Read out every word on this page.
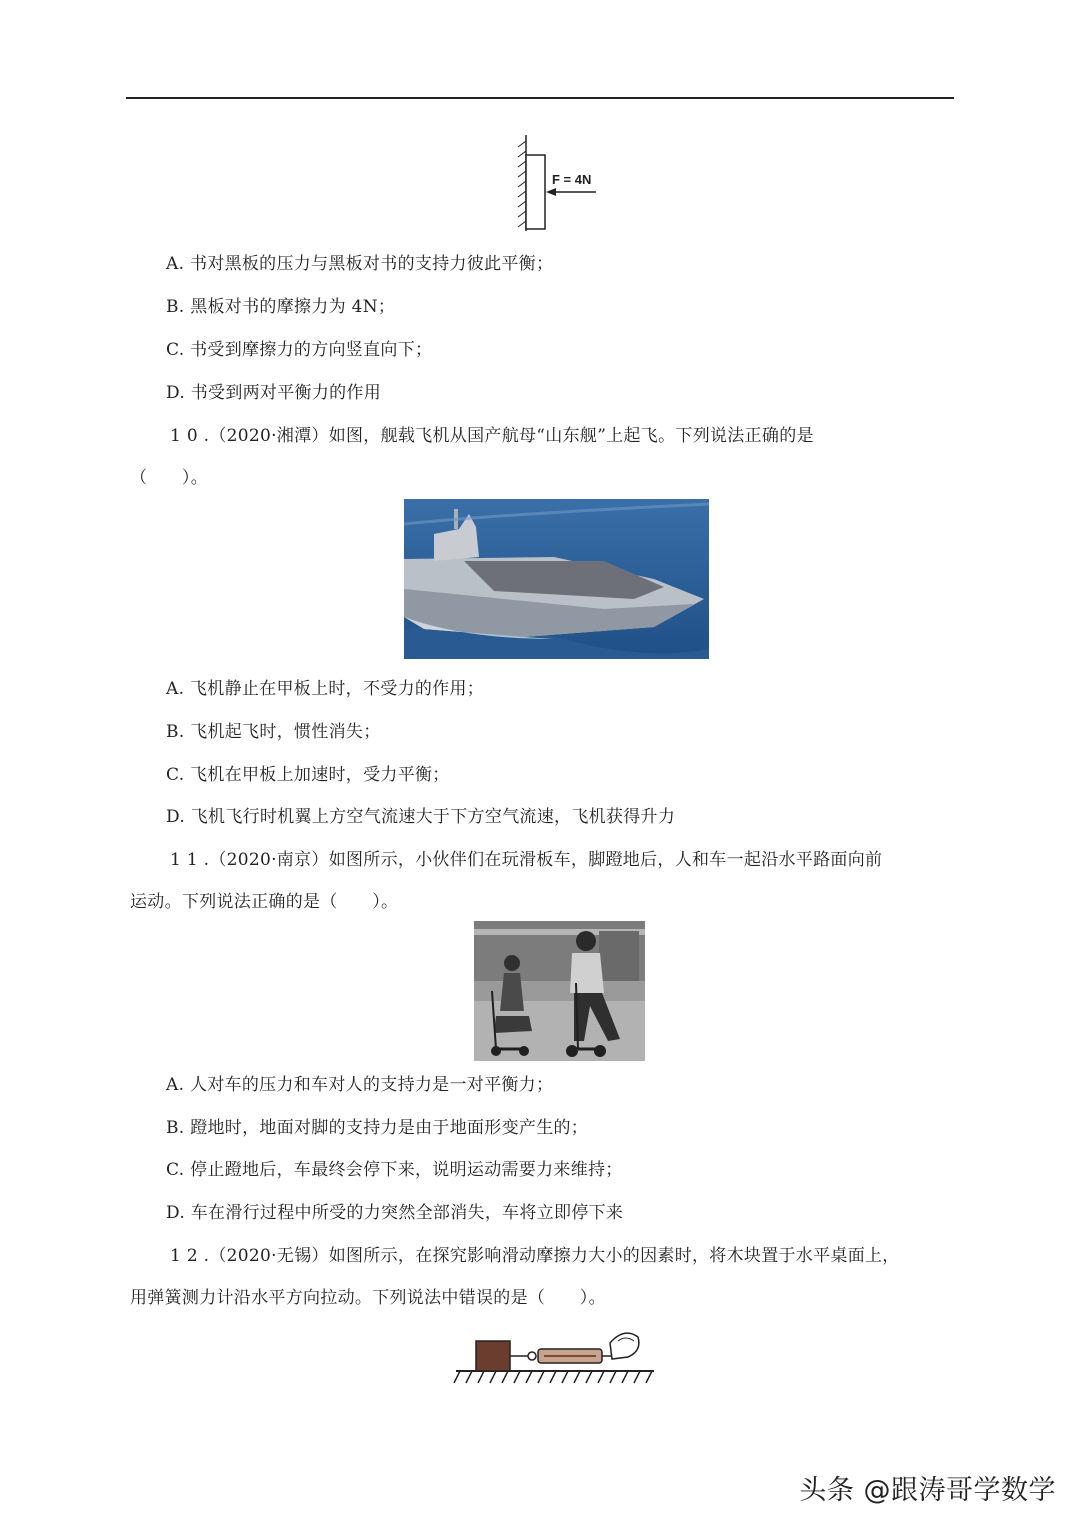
F = 4N
A. 书对黑板的压力与黑板对书的支持力彼此平衡；
B. 黑板对书的摩擦力为 4N；
C. 书受到摩擦力的方向竖直向下；
D. 书受到两对平衡力的作用
1 0 .（2020·湘潭）如图，舰载飞机从国产航母“山东舰”上起飞。下列说法正确的是
（　　）。
A. 飞机静止在甲板上时，不受力的作用；
B. 飞机起飞时，惯性消失；
C. 飞机在甲板上加速时，受力平衡；
D. 飞机飞行时机翼上方空气流速大于下方空气流速，飞机获得升力
1 1 .（2020·南京）如图所示，小伙伴们在玩滑板车，脚蹬地后，人和车一起沿水平路面向前
运动。下列说法正确的是（　　）。
A. 人对车的压力和车对人的支持力是一对平衡力；
B. 蹬地时，地面对脚的支持力是由于地面形变产生的；
C. 停止蹬地后，车最终会停下来，说明运动需要力来维持；
D. 车在滑行过程中所受的力突然全部消失，车将立即停下来
1 2 .（2020·无锡）如图所示，在探究影响滑动摩擦力大小的因素时，将木块置于水平桌面上，
用弹簧测力计沿水平方向拉动。下列说法中错误的是（　　）。
头条 @跟涛哥学数学
